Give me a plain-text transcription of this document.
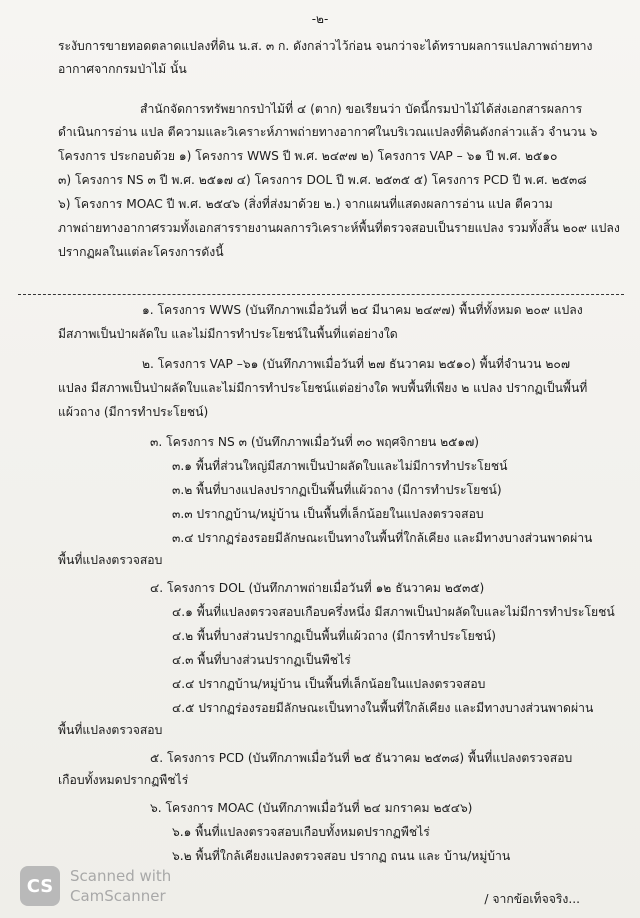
-๒-
ระงับการขายทอดตลาดแปลงที่ดิน น.ส. ๓ ก. ดังกล่าวไว้ก่อน จนกว่าจะได้ทราบผลการแปลภาพถ่ายทาง
อากาศจากกรมป่าไม้ นั้น
สำนักจัดการทรัพยากรป่าไม้ที่ ๔ (ตาก) ขอเรียนว่า บัดนี้กรมป่าไม้ได้ส่งเอกสารผลการ
ดำเนินการอ่าน แปล ตีความและวิเคราะห์ภาพถ่ายทางอากาศในบริเวณแปลงที่ดินดังกล่าวแล้ว จำนวน ๖
โครงการ ประกอบด้วย ๑) โครงการ WWS ปี พ.ศ. ๒๔๙๗ ๒) โครงการ VAP – ๖๑ ปี พ.ศ. ๒๕๑๐
๓) โครงการ NS ๓ ปี พ.ศ. ๒๕๑๗ ๔) โครงการ DOL ปี พ.ศ. ๒๕๓๕ ๕) โครงการ PCD ปี พ.ศ. ๒๕๓๘
๖) โครงการ MOAC ปี พ.ศ. ๒๕๔๖ (สิ่งที่ส่งมาด้วย ๒.) จากแผนที่แสดงผลการอ่าน แปล ตีความ
ภาพถ่ายทางอากาศรวมทั้งเอกสารรายงานผลการวิเคราะห์พื้นที่ตรวจสอบเป็นรายแปลง รวมทั้งสิ้น ๒๐๙ แปลง
ปรากฏผลในแต่ละโครงการดังนี้
๑. โครงการ WWS (บันทึกภาพเมื่อวันที่ ๒๔ มีนาคม ๒๔๙๗) พื้นที่ทั้งหมด ๒๐๙ แปลง
มีสภาพเป็นป่าผลัดใบ และไม่มีการทำประโยชน์ในพื้นที่แต่อย่างใด
๒. โครงการ VAP –๖๑ (บันทึกภาพเมื่อวันที่ ๒๗ ธันวาคม ๒๕๑๐) พื้นที่จำนวน ๒๐๗
แปลง มีสภาพเป็นป่าผลัดใบและไม่มีการทำประโยชน์แต่อย่างใด พบพื้นที่เพียง ๒ แปลง ปรากฏเป็นพื้นที่
แผ้วถาง (มีการทำประโยชน์)
๓. โครงการ NS ๓ (บันทึกภาพเมื่อวันที่ ๓๐ พฤศจิกายน ๒๕๑๗)
๓.๑ พื้นที่ส่วนใหญ่มีสภาพเป็นป่าผลัดใบและไม่มีการทำประโยชน์
๓.๒ พื้นที่บางแปลงปรากฏเป็นพื้นที่แผ้วถาง (มีการทำประโยชน์)
๓.๓ ปรากฏบ้าน/หมู่บ้าน เป็นพื้นที่เล็กน้อยในแปลงตรวจสอบ
๓.๔ ปรากฏร่องรอยมีลักษณะเป็นทางในพื้นที่ใกล้เคียง และมีทางบางส่วนพาดผ่าน
พื้นที่แปลงตรวจสอบ
๔. โครงการ DOL (บันทึกภาพถ่ายเมื่อวันที่ ๑๒ ธันวาคม ๒๕๓๕)
๔.๑ พื้นที่แปลงตรวจสอบเกือบครึ่งหนึ่ง มีสภาพเป็นป่าผลัดใบและไม่มีการทำประโยชน์
๔.๒ พื้นที่บางส่วนปรากฏเป็นพื้นที่แผ้วถาง (มีการทำประโยชน์)
๔.๓ พื้นที่บางส่วนปรากฏเป็นพืชไร่
๔.๔ ปรากฏบ้าน/หมู่บ้าน เป็นพื้นที่เล็กน้อยในแปลงตรวจสอบ
๔.๕ ปรากฏร่องรอยมีลักษณะเป็นทางในพื้นที่ใกล้เคียง และมีทางบางส่วนพาดผ่าน
พื้นที่แปลงตรวจสอบ
๕. โครงการ PCD (บันทึกภาพเมื่อวันที่ ๒๕ ธันวาคม ๒๕๓๘) พื้นที่แปลงตรวจสอบ
เกือบทั้งหมดปรากฏพืชไร่
๖. โครงการ MOAC (บันทึกภาพเมื่อวันที่ ๒๔ มกราคม ๒๕๔๖)
๖.๑ พื้นที่แปลงตรวจสอบเกือบทั้งหมดปรากฏพืชไร่
๖.๒ พื้นที่ใกล้เคียงแปลงตรวจสอบ ปรากฏ ถนน และ บ้าน/หมู่บ้าน
CS	Scanned with
CamScanner	/ จากข้อเท็จจริง...
